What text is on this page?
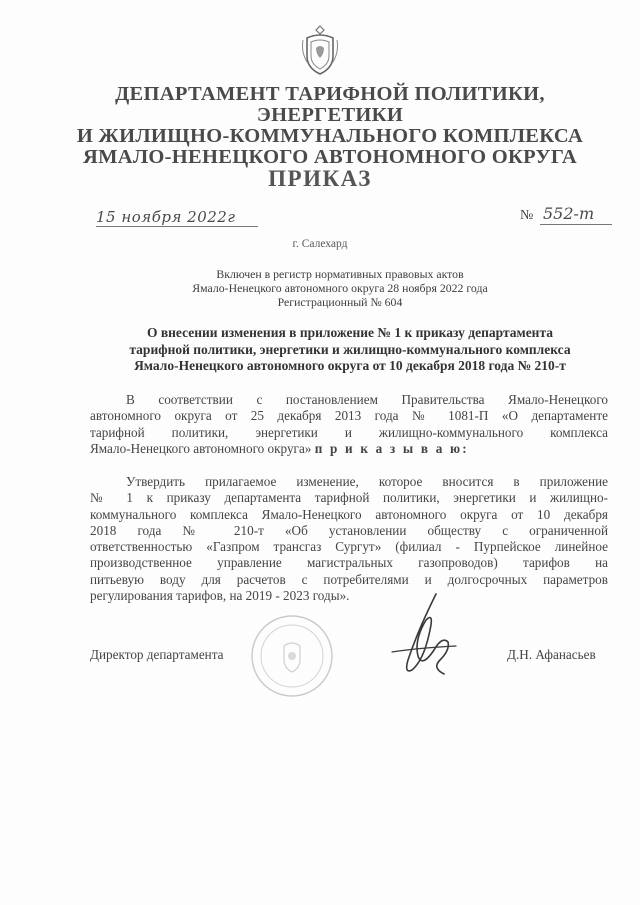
ДЕПАРТАМЕНТ ТАРИФНОЙ ПОЛИТИКИ, ЭНЕРГЕТИКИ
И ЖИЛИЩНО-КОММУНАЛЬНОГО КОМПЛЕКСА
ЯМАЛО-НЕНЕЦКОГО АВТОНОМНОГО ОКРУГА
ПРИКАЗ
15 ноября 2022г	№ 552-т
г. Салехард
Включен в регистр нормативных правовых актов
Ямало-Ненецкого автономного округа 28 ноября 2022 года
Регистрационный № 604
О внесении изменения в приложение № 1 к приказу департамента
тарифной политики, энергетики и жилищно-коммунального комплекса
Ямало-Ненецкого автономного округа от 10 декабря 2018 года № 210-т
В соответствии с постановлением Правительства Ямало-Ненецкого
автономного округа от 25 декабря 2013 года № 1081-П «О департаменте
тарифной политики, энергетики и жилищно-коммунального комплекса
Ямало-Ненецкого автономного округа» п р и к а з ы в а ю:
Утвердить прилагаемое изменение, которое вносится в приложение
№ 1 к приказу департамента тарифной политики, энергетики и жилищно-
коммунального комплекса Ямало-Ненецкого автономного округа от 10 декабря
2018 года № 210-т «Об установлении обществу с ограниченной
ответственностью «Газпром трансгаз Сургут» (филиал - Пурпейское линейное
производственное управление магистральных газопроводов) тарифов на
питьевую воду для расчетов с потребителями и долгосрочных параметров
регулирования тарифов, на 2019 - 2023 годы».
Директор департамента	Д.Н. Афанасьев
